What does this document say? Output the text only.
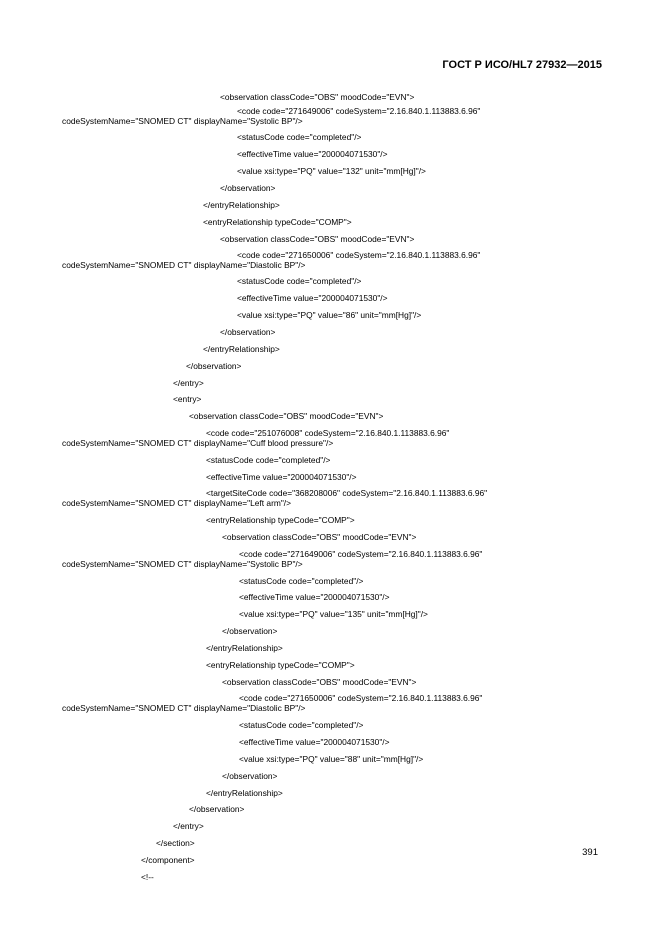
ГОСТ Р ИСО/HL7 27932—2015
<observation classCode="OBS" moodCode="EVN">
<code code="271649006" codeSystem="2.16.840.1.113883.6.96"
codeSystemName="SNOMED CT" displayName="Systolic BP"/>
<statusCode code="completed"/>
<effectiveTime value="200004071530"/>
<value xsi:type="PQ" value="132" unit="mm[Hg]"/>
</observation>
</entryRelationship>
<entryRelationship typeCode="COMP">
<observation classCode="OBS" moodCode="EVN">
<code code="271650006" codeSystem="2.16.840.1.113883.6.96"
codeSystemName="SNOMED CT" displayName="Diastolic BP"/>
<statusCode code="completed"/>
<effectiveTime value="200004071530"/>
<value xsi:type="PQ" value="86" unit="mm[Hg]"/>
</observation>
</entryRelationship>
</observation>
</entry>
<entry>
<observation classCode="OBS" moodCode="EVN">
<code code="251076008" codeSystem="2.16.840.1.113883.6.96"
codeSystemName="SNOMED CT" displayName="Cuff blood pressure"/>
<statusCode code="completed"/>
<effectiveTime value="200004071530"/>
<targetSiteCode code="368208006" codeSystem="2.16.840.1.113883.6.96"
codeSystemName="SNOMED CT" displayName="Left arm"/>
<entryRelationship typeCode="COMP">
<observation classCode="OBS" moodCode="EVN">
<code code="271649006" codeSystem="2.16.840.1.113883.6.96"
codeSystemName="SNOMED CT" displayName="Systolic BP"/>
<statusCode code="completed"/>
<effectiveTime value="200004071530"/>
<value xsi:type="PQ" value="135" unit="mm[Hg]"/>
</observation>
</entryRelationship>
<entryRelationship typeCode="COMP">
<observation classCode="OBS" moodCode="EVN">
<code code="271650006" codeSystem="2.16.840.1.113883.6.96"
codeSystemName="SNOMED CT" displayName="Diastolic BP"/>
<statusCode code="completed"/>
<effectiveTime value="200004071530"/>
<value xsi:type="PQ" value="88" unit="mm[Hg]"/>
</observation>
</entryRelationship>
</observation>
</entry>
</section>
</component>
<!--
391
